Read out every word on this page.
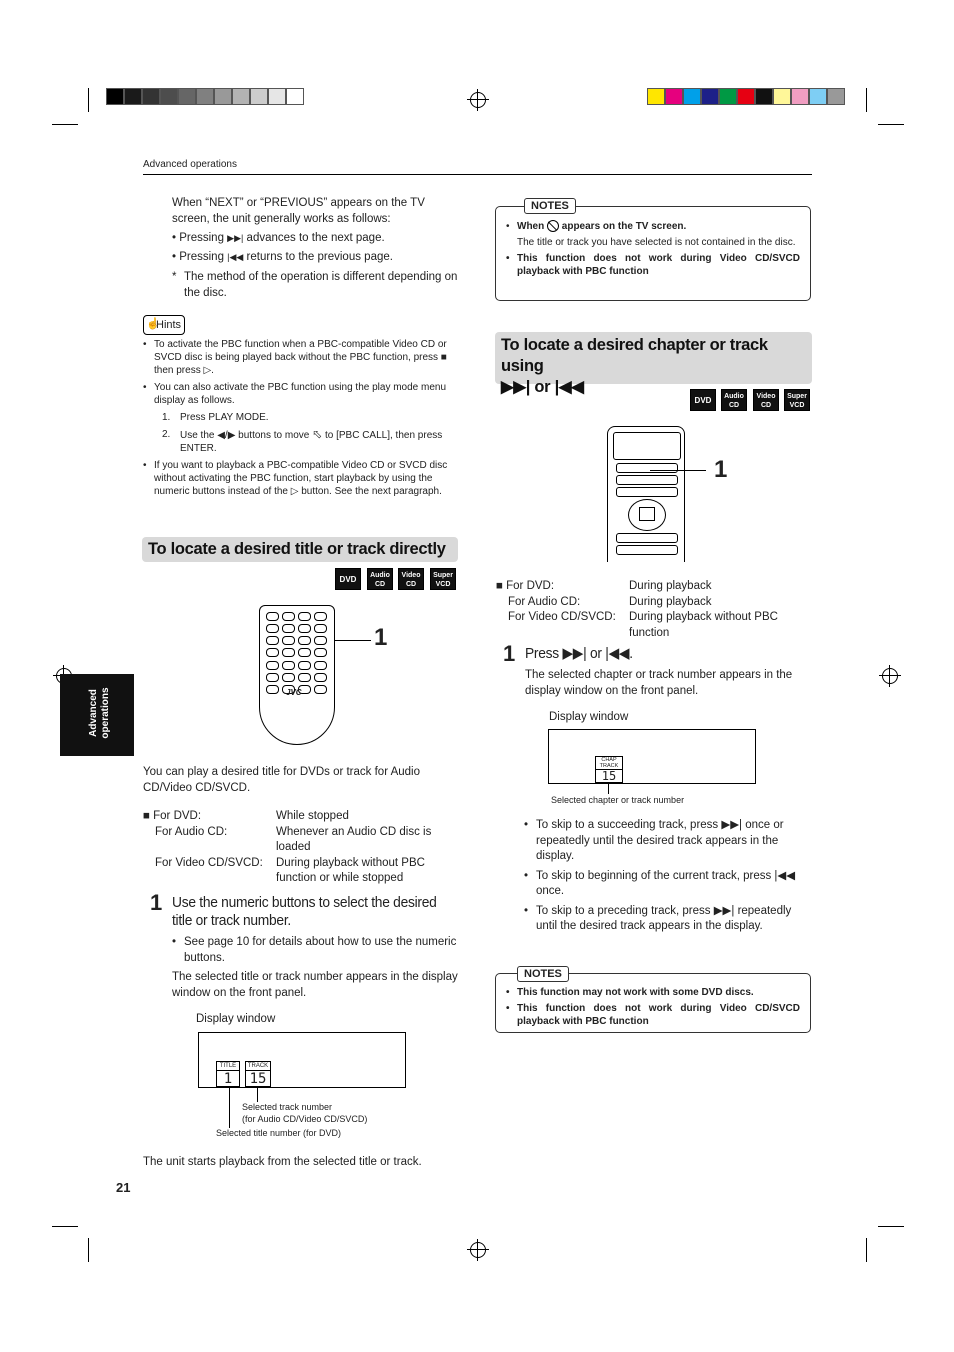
Advanced operations
Advanced operations
21
When “NEXT” or “PREVIOUS” appears on the TV screen, the unit generally works as follows:
• Pressing ▶▶| advances to the next page.
• Pressing |◀◀ returns to the previous page.
* The method of the operation is different depending on the disc.
☝
Hints
• To activate the PBC function when a PBC-compatible Video CD or SVCD disc is being played back without the PBC function, press ■ then press ▷.
• You can also activate the PBC function using the play mode menu display as follows.
1. Press PLAY MODE.
2. Use the ◀/▶ buttons to move ⬁ to [PBC CALL], then press ENTER.
• If you want to playback a PBC-compatible Video CD or SVCD disc without activating the PBC function, start playback by using the numeric buttons instead of the ▷ button. See the next paragraph.
To locate a desired title or track directly
DVD	Audio CD
Video CD
Super VCD
JVC
1
You can play a desired title for DVDs or track for Audio CD/Video CD/SVCD.
■ For DVD:	While stopped
For Audio CD:	Whenever an Audio CD disc is loaded
For Video CD/SVCD:	During playback without PBC function or while stopped
1 Use the numeric buttons to select the desired title or track number.
• See page 10 for details about how to use the numeric buttons.
The selected title or track number appears in the display window on the front panel.
Display window
TITLE
1
TRACK
15
Selected track number
(for Audio CD/Video CD/SVCD)
Selected title number (for DVD)
The unit starts playback from the selected title or track.
NOTES
• When appears on the TV screen.
The title or track you have selected is not contained in the disc.
• This function does not work during Video CD/SVCD playback with PBC function
To locate a desired chapter or track using
▶▶| or |◀◀
DVD	Audio CD
Video CD
Super VCD
1
■ For DVD:	During playback
For Audio CD:	During playback
For Video CD/SVCD:	During playback without PBC function
1 Press ▶▶| or |◀◀.
The selected chapter or track number appears in the display window on the front panel.
Display window
CHAP
TRACK
15
Selected chapter or track number
• To skip to a succeeding track, press ▶▶| once or repeatedly until the desired track appears in the display.
• To skip to beginning of the current track, press |◀◀ once.
• To skip to a preceding track, press ▶▶| repeatedly until the desired track appears in the display.
NOTES
• This function may not work with some DVD discs.
• This function does not work during Video CD/SVCD playback with PBC function
